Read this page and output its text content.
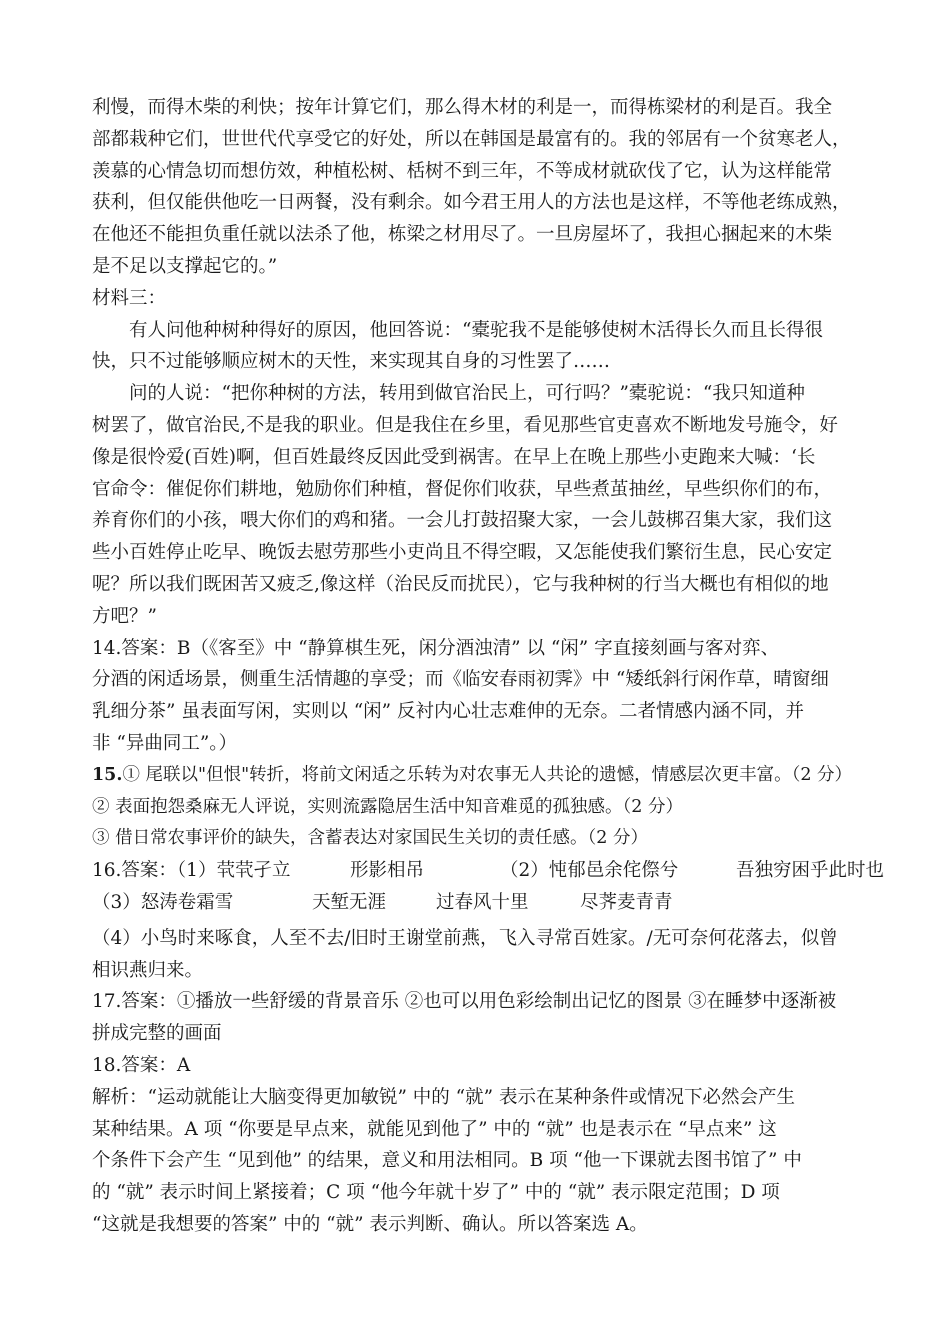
利慢，而得木柴的利快；按年计算它们，那么得木材的利是一，而得栋梁材的利是百。我全
部都栽种它们，世世代代享受它的好处，所以在韩国是最富有的。我的邻居有一个贫寒老人，
羡慕的心情急切而想仿效，种植松树、栝树不到三年，不等成材就砍伐了它，认为这样能常
获利，但仅能供他吃一日两餐，没有剩余。如今君王用人的方法也是这样，不等他老练成熟，
在他还不能担负重任就以法杀了他，栋梁之材用尽了。一旦房屋坏了，我担心捆起来的木柴
是不足以支撑起它的。”
材料三：
有人问他种树种得好的原因，他回答说：“橐驼我不是能够使树木活得长久而且长得很
快，只不过能够顺应树木的天性，来实现其自身的习性罢了……
问的人说：“把你种树的方法，转用到做官治民上，可行吗？”橐驼说：“我只知道种
树罢了，做官治民,不是我的职业。但是我住在乡里，看见那些官吏喜欢不断地发号施令，好
像是很怜爱(百姓)啊，但百姓最终反因此受到祸害。在早上在晚上那些小吏跑来大喊：‘长
官命令：催促你们耕地，勉励你们种植，督促你们收获，早些煮茧抽丝，早些织你们的布，
养育你们的小孩，喂大你们的鸡和猪。一会儿打鼓招聚大家，一会儿鼓梆召集大家，我们这
些小百姓停止吃早、晚饭去慰劳那些小吏尚且不得空暇，又怎能使我们繁衍生息，民心安定
呢？所以我们既困苦又疲乏,像这样（治民反而扰民），它与我种树的行当大概也有相似的地
方吧？”
14.答案：B（《客至》中 “静算棋生死，闲分酒浊清” 以 “闲” 字直接刻画与客对弈、
分酒的闲适场景，侧重生活情趣的享受；而《临安春雨初霁》中 “矮纸斜行闲作草，晴窗细
乳细分茶” 虽表面写闲，实则以 “闲” 反衬内心壮志难伸的无奈。二者情感内涵不同，并
非 “异曲同工”。）
15.① 尾联以"但恨"转折，将前文闲适之乐转为对农事无人共论的遗憾，情感层次更丰富。（2 分）
② 表面抱怨桑麻无人评说，实则流露隐居生活中知音难觅的孤独感。（2 分）
③ 借日常农事评价的缺失，含蓄表达对家国民生关切的责任感。（2 分）
16.答案：（1）茕茕孑立	形影相吊	（2）忳郁邑余侘傺兮	吾独穷困乎此时也
（3）怒涛卷霜雪	天堑无涯	过春风十里	尽荠麦青青
（4）小鸟时来啄食，人至不去/旧时王谢堂前燕，飞入寻常百姓家。/无可奈何花落去，似曾
相识燕归来。
17.答案：①播放一些舒缓的背景音乐 ②也可以用色彩绘制出记忆的图景 ③在睡梦中逐渐被
拼成完整的画面
18.答案：A
解析：“运动就能让大脑变得更加敏锐” 中的 “就” 表示在某种条件或情况下必然会产生
某种结果。A 项 “你要是早点来，就能见到他了” 中的 “就” 也是表示在 “早点来” 这
个条件下会产生 “见到他” 的结果，意义和用法相同。B 项 “他一下课就去图书馆了” 中
的 “就” 表示时间上紧接着；C 项 “他今年就十岁了” 中的 “就” 表示限定范围；D 项
“这就是我想要的答案” 中的 “就” 表示判断、确认。所以答案选 A。
